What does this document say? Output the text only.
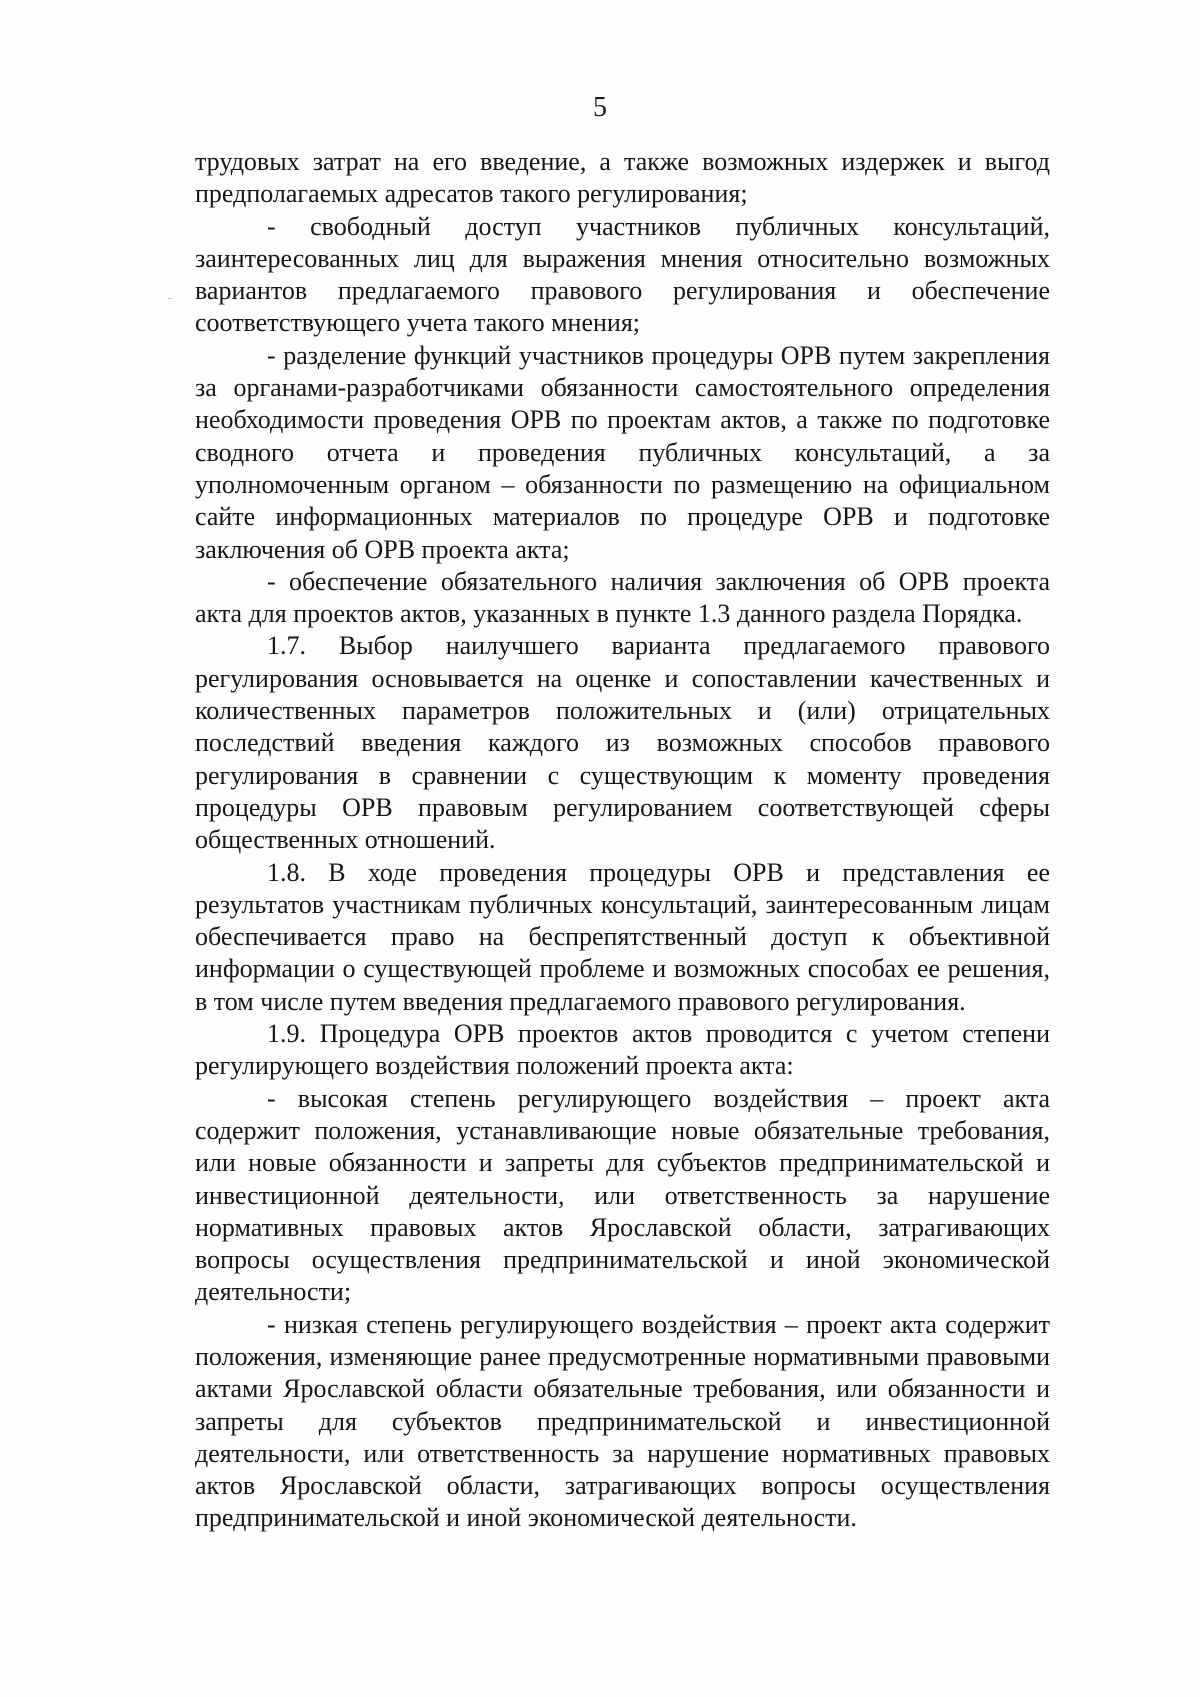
5

трудовых затрат на его введение, а также возможных издержек и выгод предполагаемых адресатов такого регулирования;

- свободный доступ участников публичных консультаций, заинтересованных лиц для выражения мнения относительно возможных вариантов предлагаемого правового регулирования и обеспечение соответствующего учета такого мнения;

- разделение функций участников процедуры ОРВ путем закрепления за органами-разработчиками обязанности самостоятельного определения необходимости проведения ОРВ по проектам актов, а также по подготовке сводного отчета и проведения публичных консультаций, а за уполномоченным органом – обязанности по размещению на официальном сайте информационных материалов по процедуре ОРВ и подготовке заключения об ОРВ проекта акта;

- обеспечение обязательного наличия заключения об ОРВ проекта акта для проектов актов, указанных в пункте 1.3 данного раздела Порядка.

1.7. Выбор наилучшего варианта предлагаемого правового регулирования основывается на оценке и сопоставлении качественных и количественных параметров положительных и (или) отрицательных последствий введения каждого из возможных способов правового регулирования в сравнении с существующим к моменту проведения процедуры ОРВ правовым регулированием соответствующей сферы общественных отношений.

1.8. В ходе проведения процедуры ОРВ и представления ее результатов участникам публичных консультаций, заинтересованным лицам обеспечивается право на беспрепятственный доступ к объективной информации о существующей проблеме и возможных способах ее решения, в том числе путем введения предлагаемого правового регулирования.

1.9. Процедура ОРВ проектов актов проводится с учетом степени регулирующего воздействия положений проекта акта:

- высокая степень регулирующего воздействия – проект акта содержит положения, устанавливающие новые обязательные требования, или новые обязанности и запреты для субъектов предпринимательской и инвестиционной деятельности, или ответственность за нарушение нормативных правовых актов Ярославской области, затрагивающих вопросы осуществления предпринимательской и иной экономической деятельности;

- низкая степень регулирующего воздействия – проект акта содержит положения, изменяющие ранее предусмотренные нормативными правовыми актами Ярославской области обязательные требования, или обязанности и запреты для субъектов предпринимательской и инвестиционной деятельности, или ответственность за нарушение нормативных правовых актов Ярославской области, затрагивающих вопросы осуществления предпринимательской и иной экономической деятельности.
